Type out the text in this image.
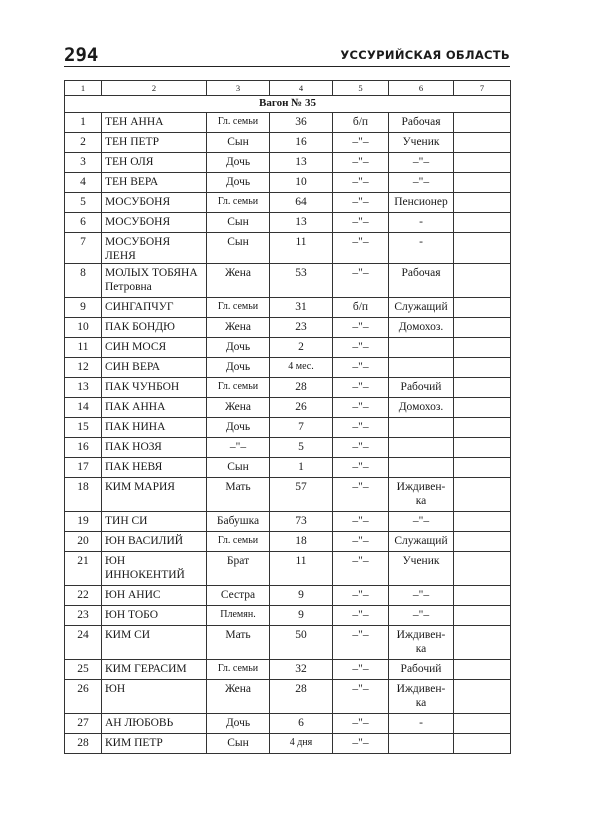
294	УССУРИЙСКАЯ ОБЛАСТЬ
1	2	3	4	5	6	7
Вагон № 35						
1	ТЕН АННА	Гл. семьи	36	б/п	Рабочая	
2	ТЕН ПЕТР	Сын	16	–"–	Ученик	
3	ТЕН ОЛЯ	Дочь	13	–"–	–"–	
4	ТЕН ВЕРА	Дочь	10	–"–	–"–	
5	МОСУБОНЯ	Гл. семьи	64	–"–	Пенсионер	
6	МОСУБОНЯ	Сын	13	–"–	-	
7	МОСУБОНЯ ЛЕНЯ	Сын	11	–"–	-	
8	МОЛЫХ ТОБЯНА Петровна	Жена	53	–"–	Рабочая	
9	СИНГАПЧУГ	Гл. семьи	31	б/п	Служащий	
10	ПАК БОНДЮ	Жена	23	–"–	Домохоз.	
11	СИН МОСЯ	Дочь	2	–"–		
12	СИН ВЕРА	Дочь	4 мес.	–"–		
13	ПАК ЧУНБОН	Гл. семьи	28	–"–	Рабочий	
14	ПАК АННА	Жена	26	–"–	Домохоз.	
15	ПАК НИНА	Дочь	7	–"–		
16	ПАК НОЗЯ	–"–	5	–"–		
17	ПАК НЕВЯ	Сын	1	–"–		
18	КИМ МАРИЯ	Мать	57	–"–	Иждивен-ка	
19	ТИН СИ	Бабушка	73	–"–	–"–	
20	ЮН ВАСИЛИЙ	Гл. семьи	18	–"–	Служащий	
21	ЮН ИННОКЕНТИЙ	Брат	11	–"–	Ученик	
22	ЮН АНИС	Сестра	9	–"–	–"–	
23	ЮН ТОБО	Племян.	9	–"–	–"–	
24	КИМ СИ	Мать	50	–"–	Иждивен-ка	
25	КИМ ГЕРАСИМ	Гл. семьи	32	–"–	Рабочий	
26	ЮН	Жена	28	–"–	Иждивен-ка	
27	АН ЛЮБОВЬ	Дочь	6	–"–	-	
28	КИМ ПЕТР	Сын	4 дня	–"–		
